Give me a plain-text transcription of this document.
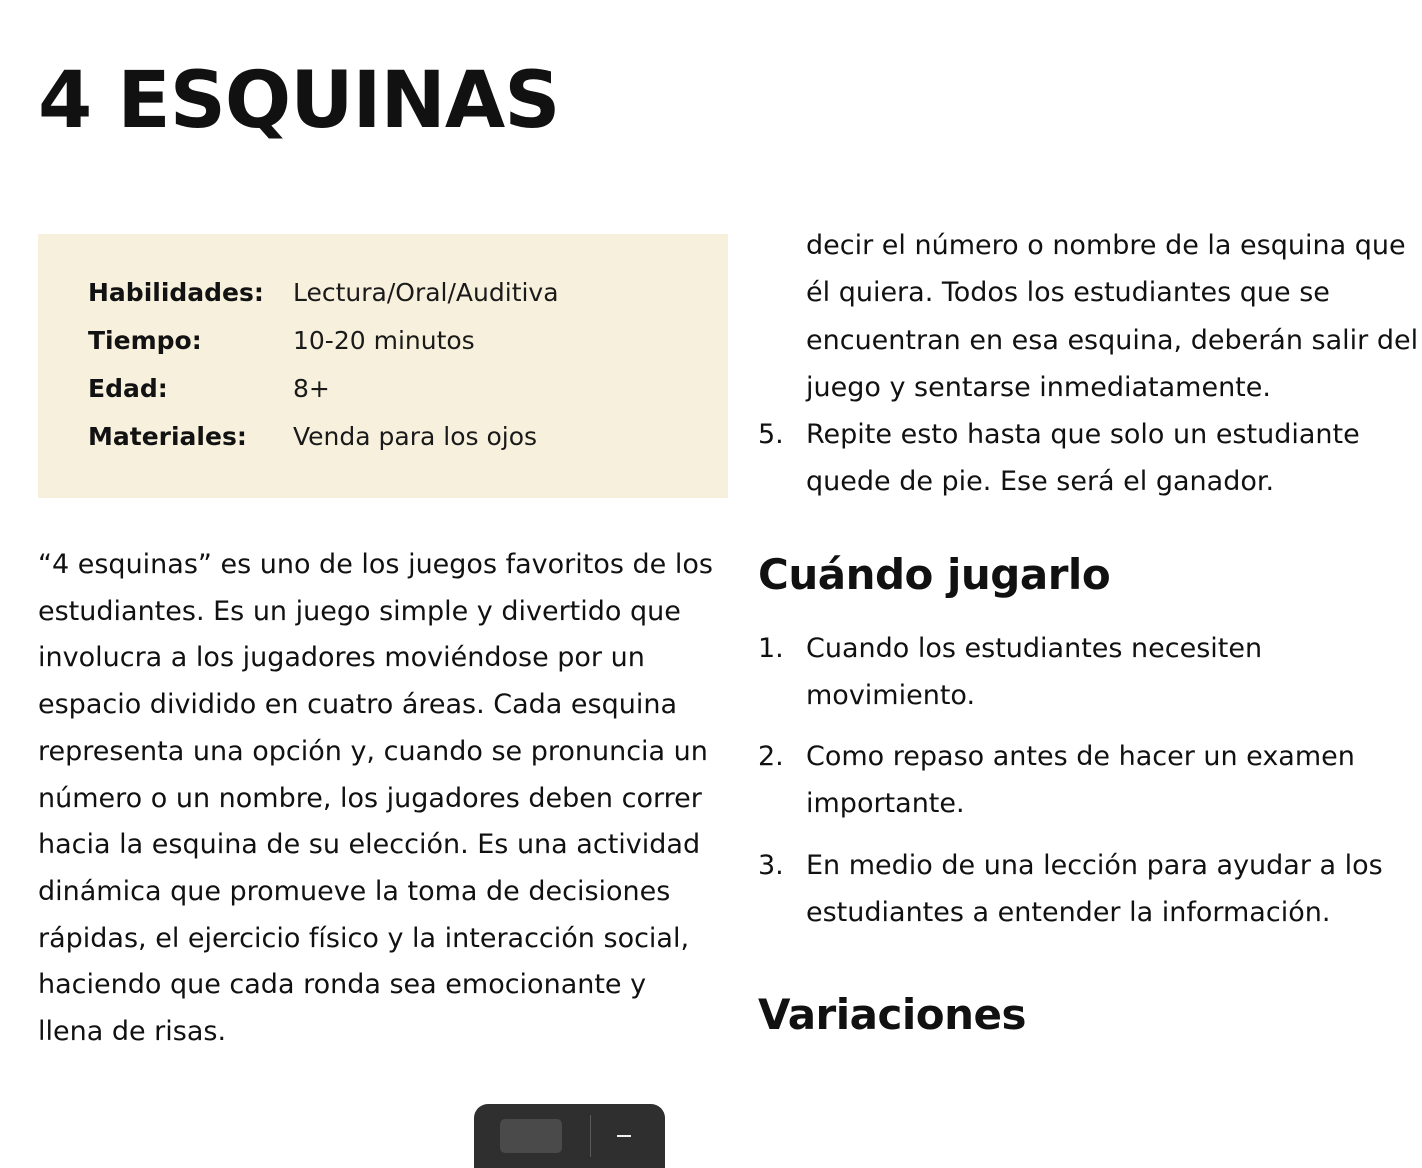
4 ESQUINAS
Habilidades:	Lectura/Oral/Auditiva
Tiempo:	10-20 minutos
Edad:	8+
Materiales:	Venda para los ojos
“4 esquinas” es uno de los juegos favoritos de los estudiantes. Es un juego simple y divertido que involucra a los jugadores moviéndose por un espacio dividido en cuatro áreas. Cada esquina representa una opción y, cuando se pronuncia un número o un nombre, los jugadores deben correr hacia la esquina de su elección. Es una actividad dinámica que promueve la toma de decisiones rápidas, el ejercicio físico y la interacción social, haciendo que cada ronda sea emocionante y llena de risas.
decir el número o nombre de la esquina que él quiera. Todos los estudiantes que se encuentran en esa esquina, deberán salir del juego y sentarse inmediatamente.
5. Repite esto hasta que solo un estudiante quede de pie. Ese será el ganador.
Cuándo jugarlo
1. Cuando los estudiantes necesiten movimiento.
2. Como repaso antes de hacer un examen importante.
3. En medio de una lección para ayudar a los estudiantes a entender la información.
Variaciones
